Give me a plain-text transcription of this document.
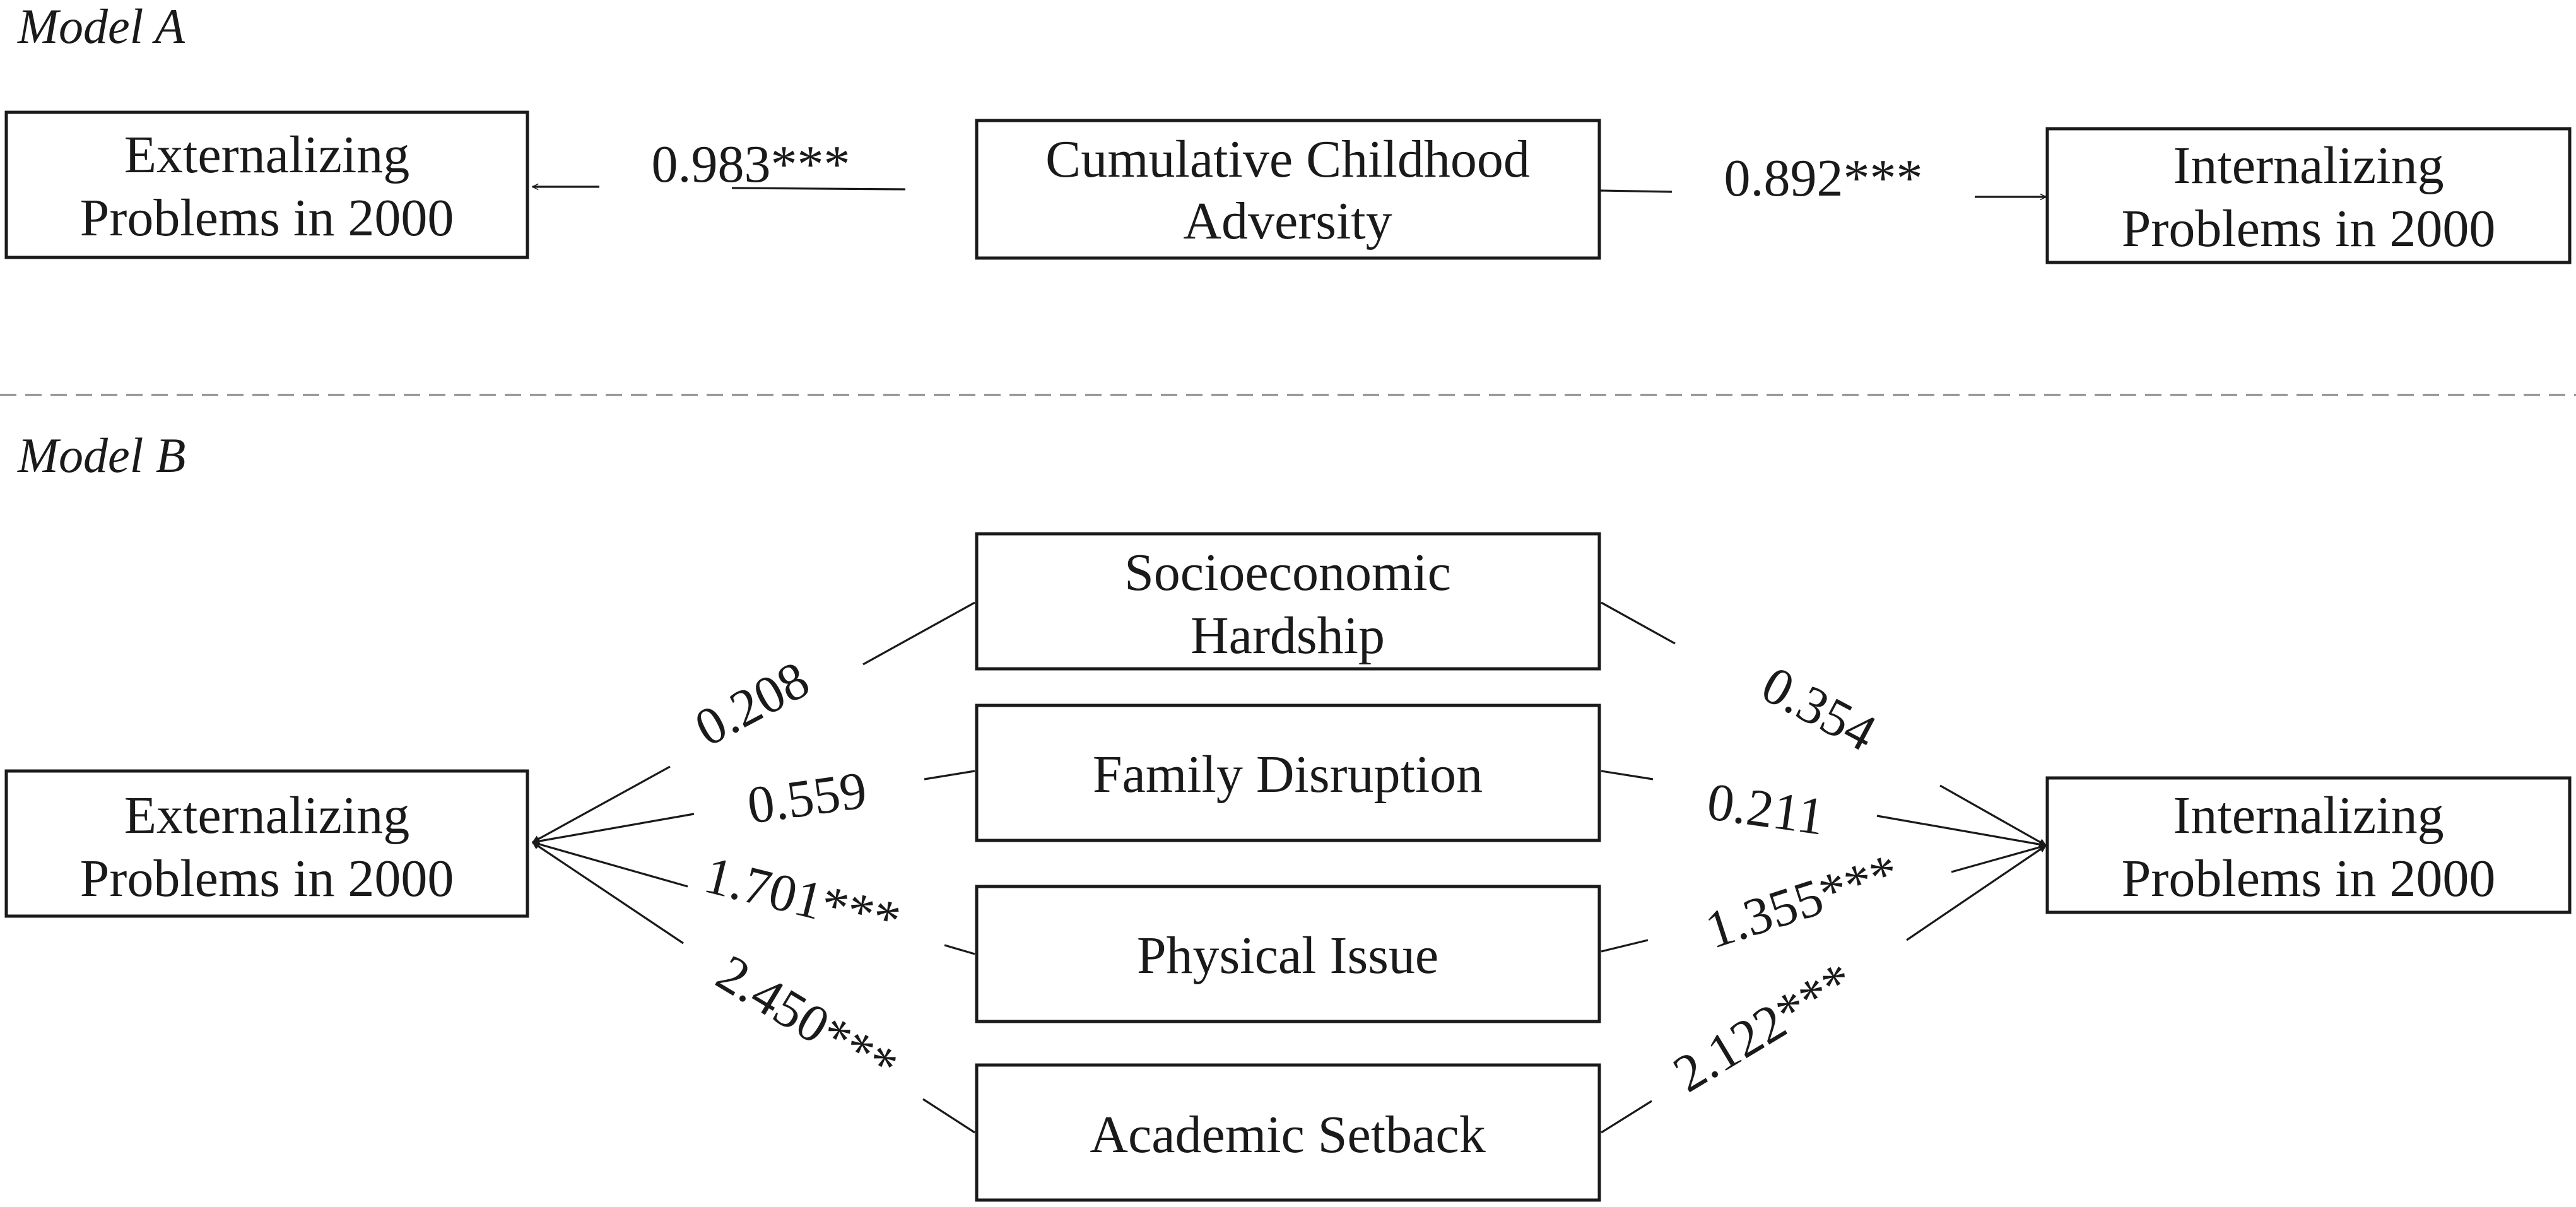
Model A
0.983***	0.892***
Externalizing
Problems in 2000
Cumulative Childhood
Adversity
Internalizing
Problems in 2000
Model B
0.208
0.559
1.701***
2.450***
0.354
0.211
1.355***
2.122***
Externalizing
Problems in 2000
Internalizing
Problems in 2000
Socioeconomic
Hardship
Family Disruption
Physical Issue
Academic Setback
